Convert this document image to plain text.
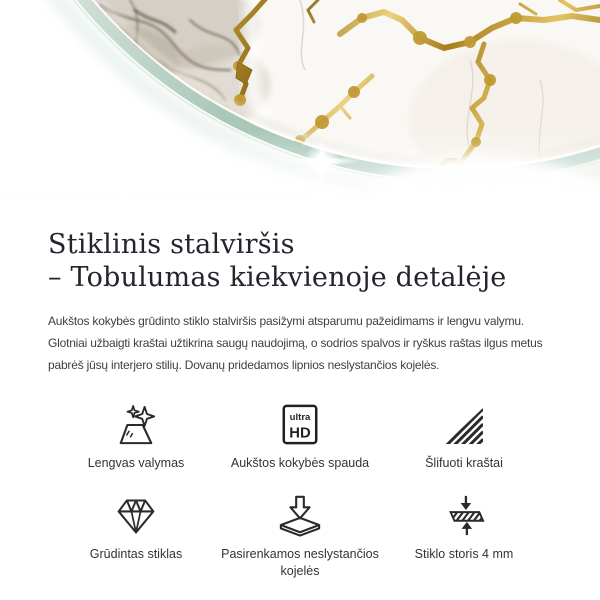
Stiklinis stalviršis
– Tobulumas kiekvienoje detalėje

Aukštos kokybės grūdinto stiklo stalviršis pasižymi atsparumu pažeidimams ir lengvu valymu.
Glotniai užbaigti kraštai užtikrina saugų naudojimą, o sodrios spalvos ir ryškus raštas ilgus metus
pabrėš jūsų interjero stilių. Dovanų pridedamos lipnios neslystančios kojelės.

Lengvas valymas
ultra
HD
Aukštos kokybės spauda	Šlifuoti kraštai
Grūdintas stiklas	Pasirenkamos neslystančios kojelės
Stiklo storis 4 mm
